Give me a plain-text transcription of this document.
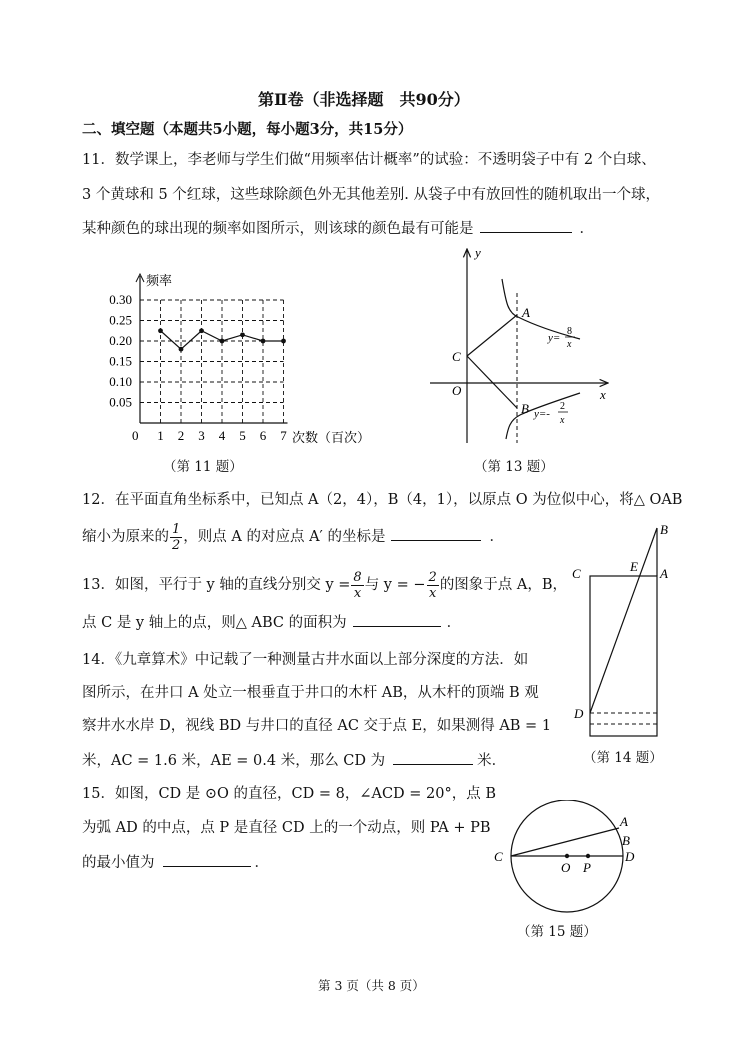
第Ⅱ卷（非选择题　共90分）
二、填空题（本题共5小题，每小题3分，共15分）
11．数学课上，李老师与学生们做“用频率估计概率”的试验：不透明袋子中有 2 个白球、
3 个黄球和 5 个红球，这些球除颜色外无其他差别. 从袋子中有放回性的随机取出一个球，
某种颜色的球出现的频率如图所示，则该球的颜色最有可能是	．
0.30
0.25
0.20
0.15
0.10
0.05
1 2 3 4 5 6 7
频率
次数（百次）
0
（第 11 题）
y
x
O
A
B
C
y=
8
x
y=-
2
x
（第 13 题）
12．在平面直角坐标系中，已知点 A（2，4），B（4，1），以原点 O 为位似中心，将△ OAB
缩小为原来的 $\frac{1}{2}$ ，则点 A 的对应点 A′ 的坐标是	．
13．如图，平行于 y 轴的直线分别交 $y = \frac{8}{x}$ 与 y = − $\frac{2}{x}$ 的图象于点 A，B，
点 C 是 y 轴上的点，则△ ABC 的面积为	．
14．《九章算术》中记载了一种测量古井水面以上部分深度的方法．如
图所示，在井口 A 处立一根垂直于井口的木杆 AB，从木杆的顶端 B 观
察井水水岸 D，视线 BD 与井口的直径 AC 交于点 E，如果测得 AB = 1
米，AC = 1.6 米，AE = 0.4 米，那么 CD 为	米．
B
C	E A
D
（第 14 题）
15．如图，CD 是 ⊙O 的直径，CD = 8，∠ACD = 20°，点 B
为弧 AD 的中点，点 P 是直径 CD 上的一个动点，则 PA + PB
的最小值为	．
A
B
C	D
O P
（第 15 题）
第 3 页（共 8 页）
